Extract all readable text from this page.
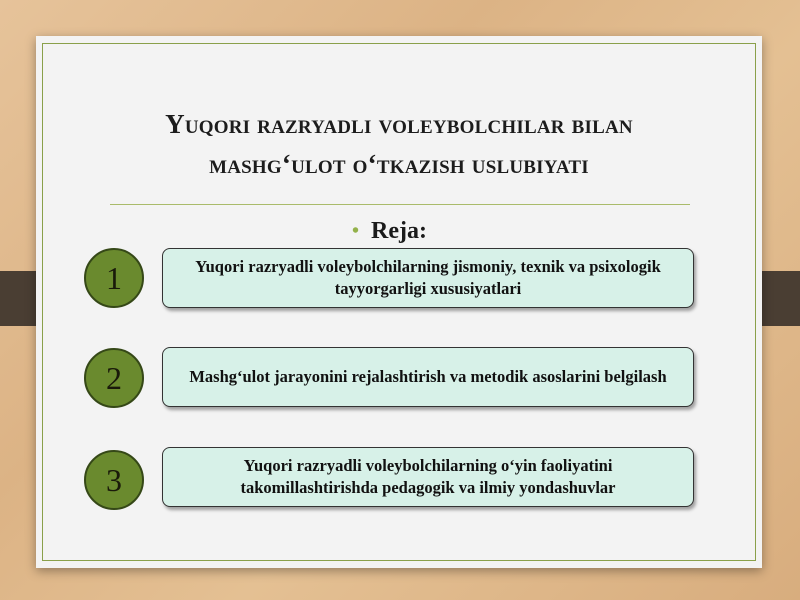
Yuqori razryadli voleybolchilar bilan
mashg‘ulot o‘tkazish uslubiyati
• Reja:
1	Yuqori razryadli voleybolchilarning jismoniy, texnik va psixologik tayyorgarligi xususiyatlari
2	Mashg‘ulot jarayonini rejalashtirish va metodik asoslarini belgilash
3	Yuqori razryadli voleybolchilarning o‘yin faoliyatini takomillashtirishda pedagogik va ilmiy yondashuvlar
